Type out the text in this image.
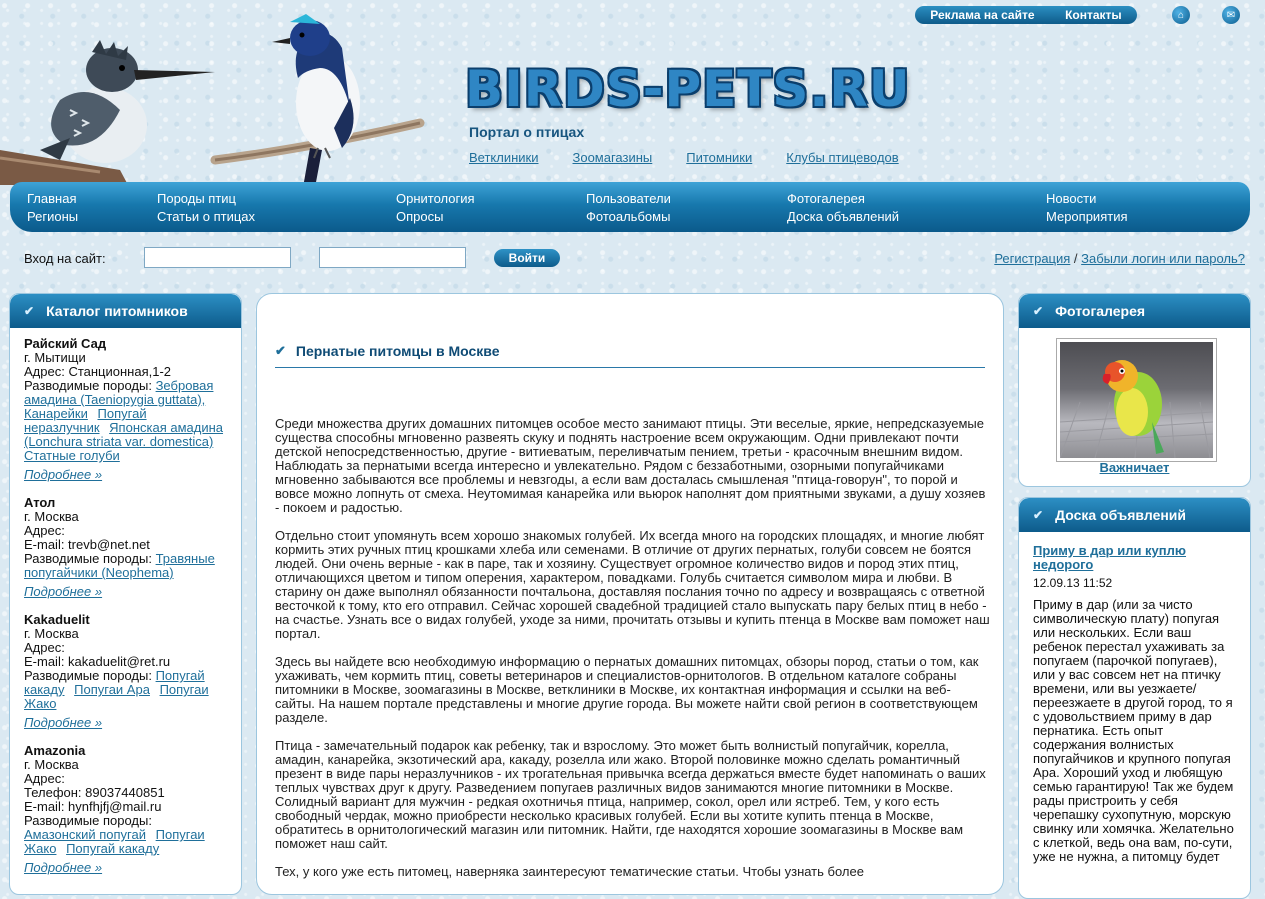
Реклама на сайте	Контакты	⌂	✉
BIRDS-PETS.RU
Портал о птицах
Ветклиники	Зоомагазины	Питомники	Клубы птицеводов
Главная
Регионы
Породы птиц
Статьи о птицах
Орнитология
Опросы
Пользователи
Фотоальбомы
Фотогалерея
Доска объявлений
Новости
Мероприятия
Вход на сайт:	Войти	Регистрация / Забыли логин или пароль?
✔ Каталог питомников
Райский Сад
г. Мытищи
Адрес: Станционная,1-2
Разводимые породы: Зебровая амадина (Taeniopygia guttata), Канарейки Попугай неразлучник Японская амадина (Lonchura striata var. domestica) Статные голуби
Подробнее »
Атол
г. Москва
Адрес:
E-mail: trevb@net.net
Разводимые породы: Травяные попугайчики (Neophema)
Подробнее »
Kakaduelit
г. Москва
Адрес:
E-mail: kakaduelit@ret.ru
Разводимые породы: Попугай какаду Попугаи Ара Попугаи Жако
Подробнее »
Amazonia
г. Москва
Адрес:
Телефон: 89037440851
E-mail: hynfhjfj@mail.ru
Разводимые породы: Амазонский попугай Попугаи Жако Попугай какаду
Подробнее »
✔ Пернатые питомцы в Москве

Среди множества других домашних питомцев особое место занимают птицы. Эти веселые, яркие, непредсказуемые существа способны мгновенно развеять скуку и поднять настроение всем окружающим. Одни привлекают почти детской непосредственностью, другие - витиеватым, переливчатым пением, третьи - красочным внешним видом. Наблюдать за пернатыми всегда интересно и увлекательно. Рядом с беззаботными, озорными попугайчиками мгновенно забываются все проблемы и невзгоды, а если вам досталась смышленая "птица-говорун", то порой и вовсе можно лопнуть от смеха. Неутомимая канарейка или вьюрок наполнят дом приятными звуками, а душу хозяев - покоем и радостью.

Отдельно стоит упомянуть всем хорошо знакомых голубей. Их всегда много на городских площадях, и многие любят кормить этих ручных птиц крошками хлеба или семенами. В отличие от других пернатых, голуби совсем не боятся людей. Они очень верные - как в паре, так и хозяину. Существует огромное количество видов и пород этих птиц, отличающихся цветом и типом оперения, характером, повадками. Голубь считается символом мира и любви. В старину он даже выполнял обязанности почтальона, доставляя послания точно по адресу и возвращаясь с ответной весточкой к тому, кто его отправил. Сейчас хорошей свадебной традицией стало выпускать пару белых птиц в небо - на счастье. Узнать все о видах голубей, уходе за ними, прочитать отзывы и купить птенца в Москве вам поможет наш портал.

Здесь вы найдете всю необходимую информацию о пернатых домашних питомцах, обзоры пород, статьи о том, как ухаживать, чем кормить птиц, советы ветеринаров и специалистов-орнитологов. В отдельном каталоге собраны питомники в Москве, зоомагазины в Москве, ветклиники в Москве, их контактная информация и ссылки на веб-сайты. На нашем портале представлены и многие другие города. Вы можете найти свой регион в соответствующем разделе.

Птица - замечательный подарок как ребенку, так и взрослому. Это может быть волнистый попугайчик, корелла, амадин, канарейка, экзотический ара, какаду, розелла или жако. Второй половинке можно сделать романтичный презент в виде пары неразлучников - их трогательная привычка всегда держаться вместе будет напоминать о ваших теплых чувствах друг к другу. Разведением попугаев различных видов занимаются многие питомники в Москве. Солидный вариант для мужчин - редкая охотничья птица, например, сокол, орел или ястреб. Тем, у кого есть свободный чердак, можно приобрести несколько красивых голубей. Если вы хотите купить птенца в Москве, обратитесь в орнитологический магазин или питомник. Найти, где находятся хорошие зоомагазины в Москве вам поможет наш сайт.

Тех, у кого уже есть питомец, наверняка заинтересуют тематические статьи. Чтобы узнать более

✔ Фотогалерея
Важничает
✔ Доска объявлений
Приму в дар или куплю недорого
12.09.13 11:52
Приму в дар (или за чисто символическую плату) попугая или нескольких. Если ваш ребенок перестал ухаживать за попугаем (парочкой попугаев), или у вас совсем нет на птичку времени, или вы уезжаете/переезжаете в другой город, то я с удовольствием приму в дар пернатика. Есть опыт содержания волнистых попугайчиков и крупного попугая Ара. Хороший уход и любящую семью гарантирую! Так же будем рады пристроить у себя черепашку сухопутную, морскую свинку или хомячка. Желательно с клеткой, ведь она вам, по-сути, уже не нужна, а питомцу будет
